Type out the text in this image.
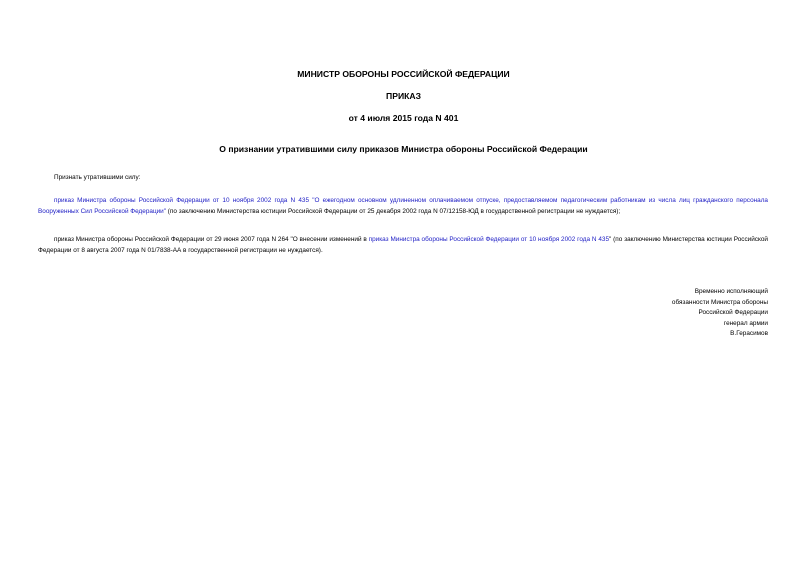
МИНИСТР ОБОРОНЫ РОССИЙСКОЙ ФЕДЕРАЦИИ
ПРИКАЗ
от 4 июля 2015 года N 401
О признании утратившими силу приказов Министра обороны Российской Федерации
Признать утратившими силу:
приказ Министра обороны Российской Федерации от 10 ноября 2002 года N 435 "О ежегодном основном удлиненном оплачиваемом отпуске, предоставляемом педагогическим работникам из числа лиц гражданского персонала Вооруженных Сил Российской Федерации" (по заключению Министерства юстиции Российской Федерации от 25 декабря 2002 года N 07/12158-ЮД в государственной регистрации не нуждается);
приказ Министра обороны Российской Федерации от 29 июня 2007 года N 264 "О внесении изменений в приказ Министра обороны Российской Федерации от 10 ноября 2002 года N 435" (по заключению Министерства юстиции Российской Федерации от 8 августа 2007 года N 01/7838-АА в государственной регистрации не нуждается).
Временно исполняющий
обязанности Министра обороны
Российской Федерации
генерал армии
В.Герасимов
